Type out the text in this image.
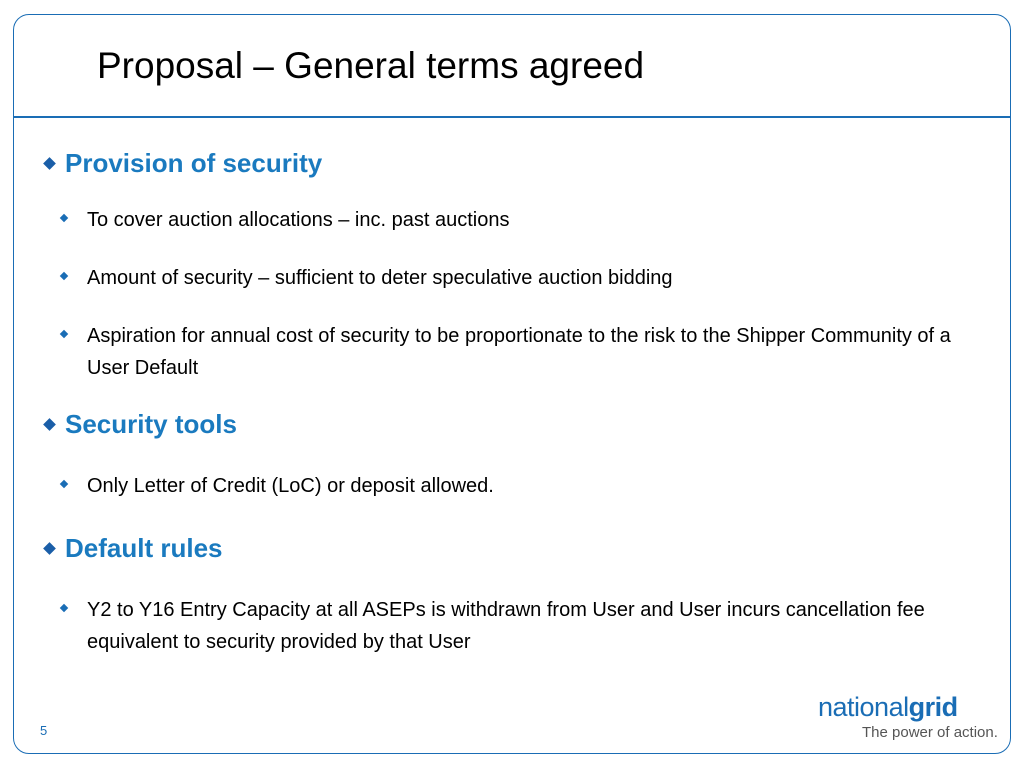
Proposal – General terms agreed
Provision of security
To cover auction allocations – inc. past auctions
Amount of security – sufficient to deter speculative auction bidding
Aspiration for annual cost of security to be proportionate to the risk to the Shipper Community of a User Default
Security tools
Only Letter of Credit (LoC) or deposit allowed.
Default rules
Y2 to Y16 Entry Capacity at all ASEPs is withdrawn from User and User incurs cancellation fee equivalent to security provided by that User
5
nationalgrid
The power of action.
